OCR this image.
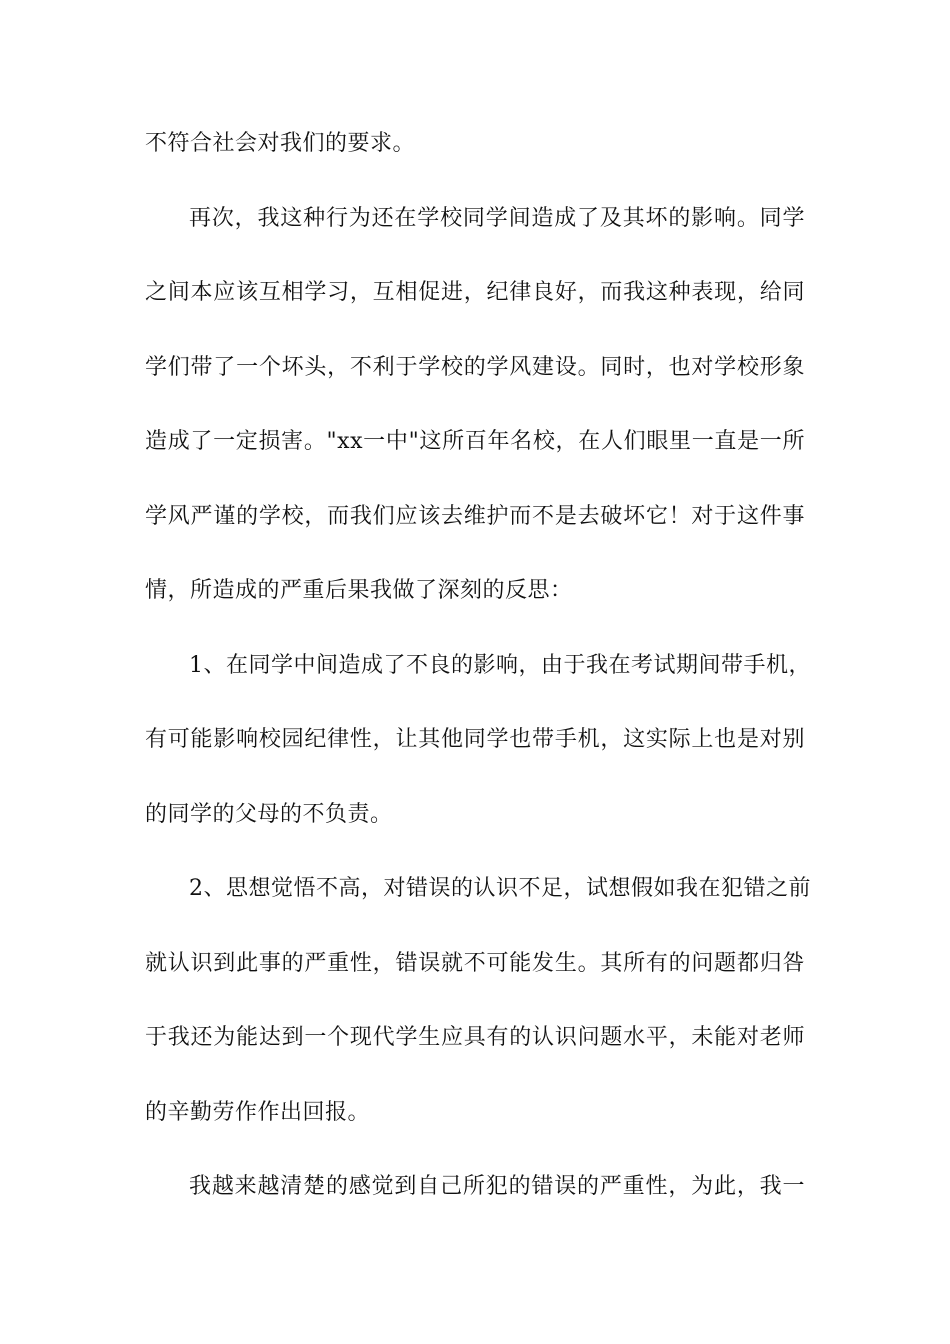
不符合社会对我们的要求。
再次，我这种行为还在学校同学间造成了及其坏的影响。同学
之间本应该互相学习，互相促进，纪律良好，而我这种表现，给同
学们带了一个坏头，不利于学校的学风建设。同时，也对学校形象
造成了一定损害。"xx一中"这所百年名校，在人们眼里一直是一所
学风严谨的学校，而我们应该去维护而不是去破坏它！对于这件事
情，所造成的严重后果我做了深刻的反思：
1、在同学中间造成了不良的影响，由于我在考试期间带手机，
有可能影响校园纪律性，让其他同学也带手机，这实际上也是对别
的同学的父母的不负责。
2、思想觉悟不高，对错误的认识不足，试想假如我在犯错之前
就认识到此事的严重性，错误就不可能发生。其所有的问题都归咎
于我还为能达到一个现代学生应具有的认识问题水平，未能对老师
的辛勤劳作作出回报。
我越来越清楚的感觉到自己所犯的错误的严重性，为此，我一
